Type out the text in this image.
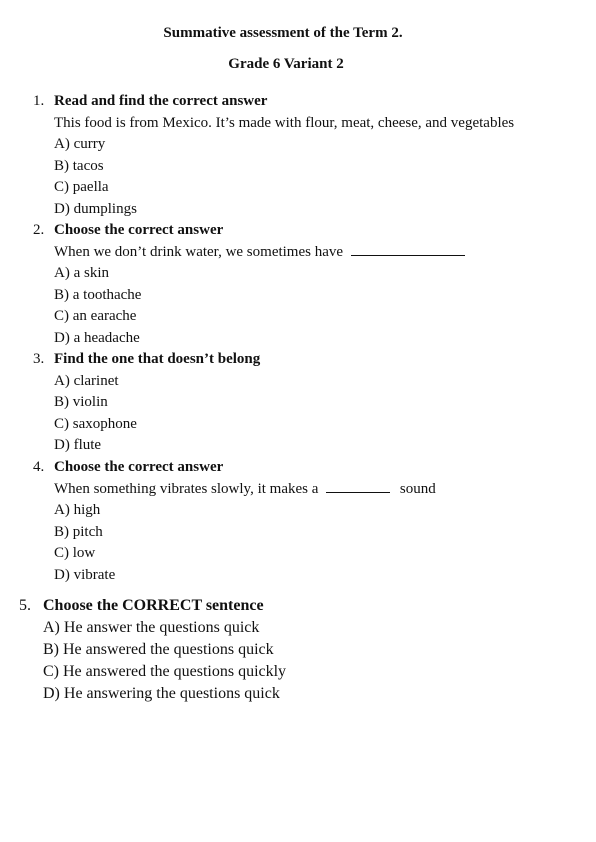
Summative assessment of the Term 2.
Grade 6 Variant 2
1. Read and find the correct answer
This food is from Mexico. It’s made with flour, meat, cheese, and vegetables
A) curry
B) tacos
C) paella
D) dumplings
2. Choose the correct answer
When we don’t drink water, we sometimes have
A) a skin
B) a toothache
C) an earache
D) a headache
3. Find the one that doesn’t belong
A) clarinet
B) violin
C) saxophone
D) flute
4. Choose the correct answer
When something vibrates slowly, it makes a	sound
A) high
B) pitch
C) low
D) vibrate
5. Choose the CORRECT sentence
A) He answer the questions quick
B) He answered the questions quick
C) He answered the questions quickly
D) He answering the questions quick
